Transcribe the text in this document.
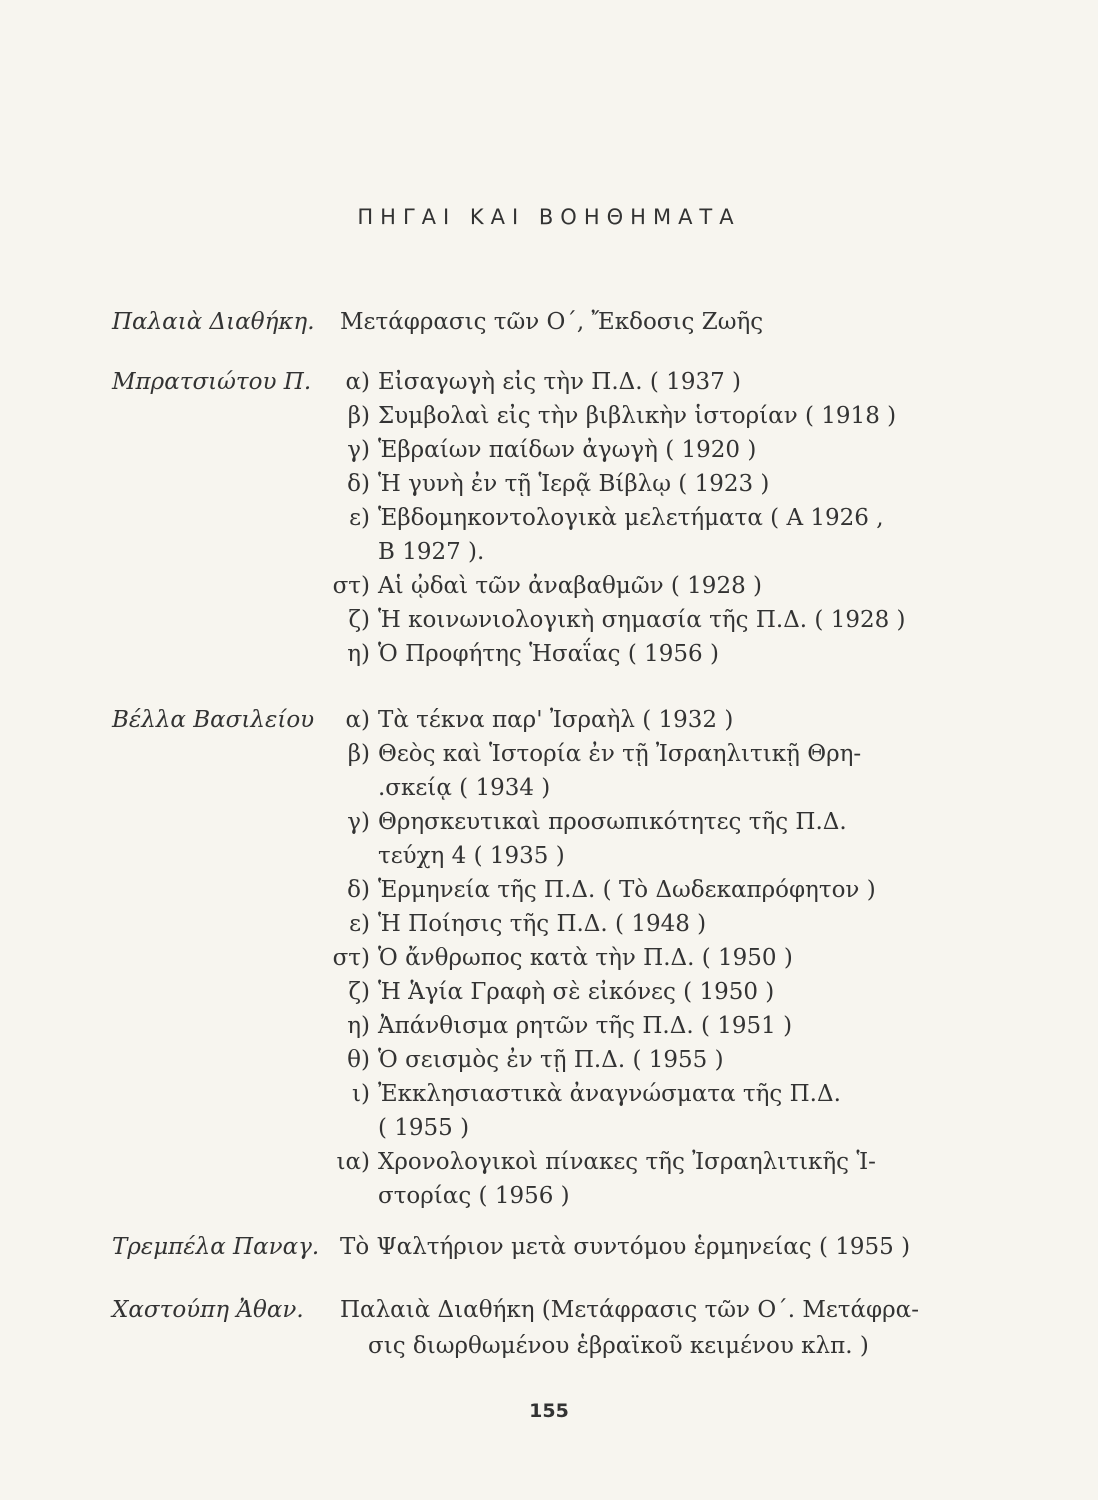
ΠΗΓΑΙ ΚΑΙ ΒΟΗΘΗΜΑΤΑ
Παλαιὰ Διαθήκη.	Μετάφρασις τῶν Ο΄, Ἔκδοσις Ζωῆς
Μπρατσιώτου Π.	α) Εἰσαγωγὴ εἰς τὴν Π.Δ. ( 1937 )
β) Συμβολαὶ εἰς τὴν βιβλικὴν ἱστορίαν ( 1918 )
γ) Ἑβραίων παίδων ἀγωγὴ ( 1920 )
δ) Ἡ γυνὴ ἐν τῇ Ἱερᾷ Βίβλῳ ( 1923 )
ε) Ἑβδομηκοντολογικὰ μελετήματα ( Α 1926 ,
Β 1927 ).
στ) Αἱ ᾠδαὶ τῶν ἀναβαθμῶν ( 1928 )
ζ) Ἡ κοινωνιολογικὴ σημασία τῆς Π.Δ. ( 1928 )
η) Ὁ Προφήτης Ἡσαΐας ( 1956 )
Βέλλα Βασιλείου	α) Τὰ τέκνα παρ' Ἰσραὴλ ( 1932 )
β) Θεὸς καὶ Ἱστορία ἐν τῇ Ἰσραηλιτικῇ Θρη-
.σκείᾳ ( 1934 )
γ) Θρησκευτικαὶ προσωπικότητες τῆς Π.Δ.
τεύχη 4 ( 1935 )
δ) Ἑρμηνεία τῆς Π.Δ. ( Τὸ Δωδεκαπρόφητον )
ε) Ἡ Ποίησις τῆς Π.Δ. ( 1948 )
στ) Ὁ ἄνθρωπος κατὰ τὴν Π.Δ. ( 1950 )
ζ) Ἡ Ἁγία Γραφὴ σὲ εἰκόνες ( 1950 )
η) Ἀπάνθισμα ρητῶν τῆς Π.Δ. ( 1951 )
θ) Ὁ σεισμὸς ἐν τῇ Π.Δ. ( 1955 )
ι) Ἐκκλησιαστικὰ ἀναγνώσματα τῆς Π.Δ.
( 1955 )
ια) Χρονολογικοὶ πίνακες τῆς Ἰσραηλιτικῆς Ἱ-
στορίας ( 1956 )
Τρεμπέλα Παναγ. Τὸ Ψαλτήριον μετὰ συντόμου ἑρμηνείας ( 1955 )
Χαστούπη Ἀθαν.	Παλαιὰ Διαθήκη (Μετάφρασις τῶν Ο΄. Μετάφρα-
σις διωρθωμένου ἑβραϊκοῦ κειμένου κλπ. )
155
